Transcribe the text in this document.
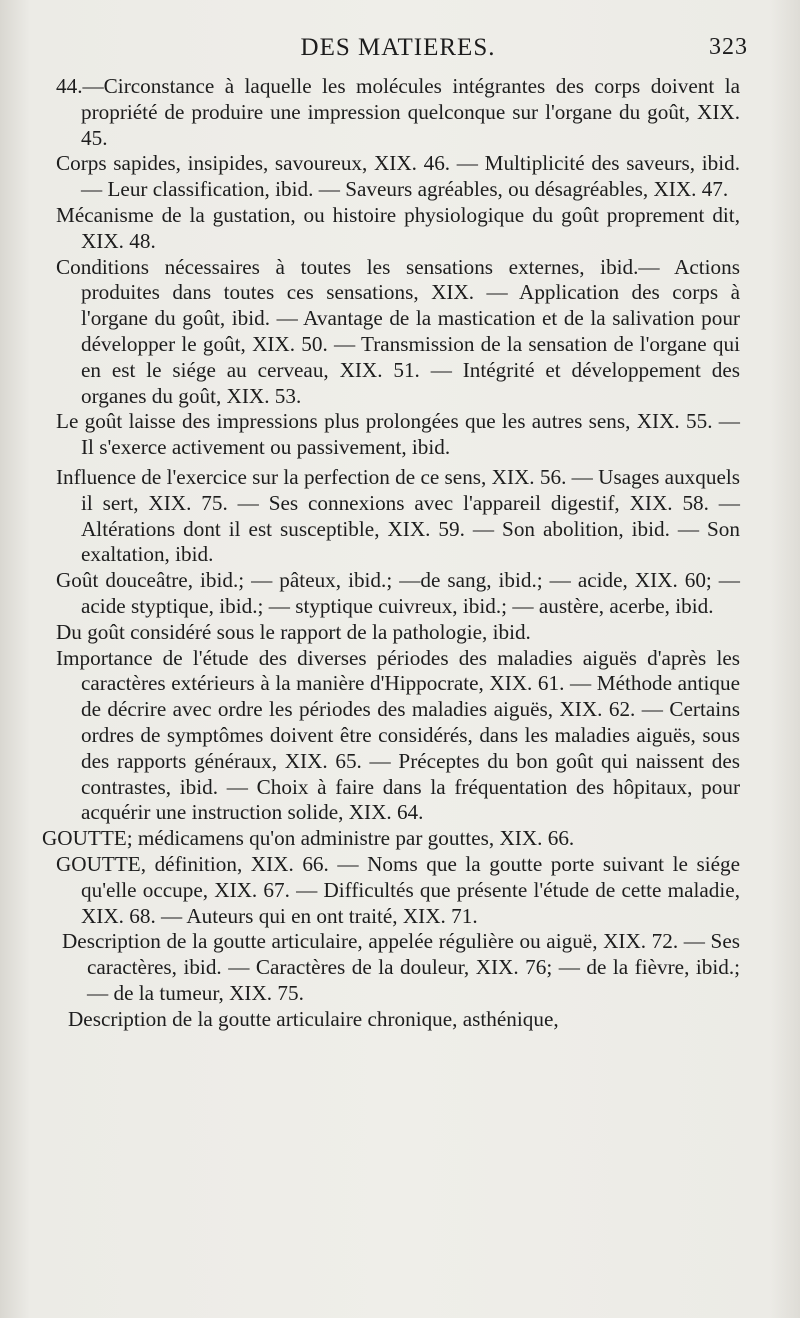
DES MATIERES.	323

44.—Circonstance à laquelle les molécules intégrantes des corps doivent la propriété de produire une impression quelconque sur l'organe du goût, XIX. 45.

Corps sapides, insipides, savoureux, XIX. 46. — Multiplicité des saveurs, ibid. — Leur classification, ibid. — Saveurs agréables, ou désagréables, XIX. 47.

Mécanisme de la gustation, ou histoire physiologique du goût proprement dit, XIX. 48.

Conditions nécessaires à toutes les sensations externes, ibid.— Actions produites dans toutes ces sensations, XIX. — Application des corps à l'organe du goût, ibid. — Avantage de la mastication et de la salivation pour développer le goût, XIX. 50. — Transmission de la sensation de l'organe qui en est le siége au cerveau, XIX. 51. — Intégrité et développement des organes du goût, XIX. 53.

Le goût laisse des impressions plus prolongées que les autres sens, XIX. 55. — Il s'exerce activement ou passivement, ibid.

Influence de l'exercice sur la perfection de ce sens, XIX. 56. — Usages auxquels il sert, XIX. 75. — Ses connexions avec l'appareil digestif, XIX. 58. — Altérations dont il est susceptible, XIX. 59. — Son abolition, ibid. — Son exaltation, ibid.

Goût douceâtre, ibid.; — pâteux, ibid.; —de sang, ibid.; — acide, XIX. 60; — acide styptique, ibid.; — styptique cuivreux, ibid.; — austère, acerbe, ibid.

Du goût considéré sous le rapport de la pathologie, ibid.

Importance de l'étude des diverses périodes des maladies aiguës d'après les caractères extérieurs à la manière d'Hippocrate, XIX. 61. — Méthode antique de décrire avec ordre les périodes des maladies aiguës, XIX. 62. — Certains ordres de symptômes doivent être considérés, dans les maladies aiguës, sous des rapports généraux, XIX. 65. — Préceptes du bon goût qui naissent des contrastes, ibid. — Choix à faire dans la fréquentation des hôpitaux, pour acquérir une instruction solide, XIX. 64.

GOUTTE; médicamens qu'on administre par gouttes, XIX. 66.

GOUTTE, définition, XIX. 66. — Noms que la goutte porte suivant le siége qu'elle occupe, XIX. 67. — Difficultés que présente l'étude de cette maladie, XIX. 68. — Auteurs qui en ont traité, XIX. 71.

Description de la goutte articulaire, appelée régulière ou aiguë, XIX. 72. — Ses caractères, ibid. — Caractères de la douleur, XIX. 76; — de la fièvre, ibid.; — de la tumeur, XIX. 75.

Description de la goutte articulaire chronique, asthénique,
